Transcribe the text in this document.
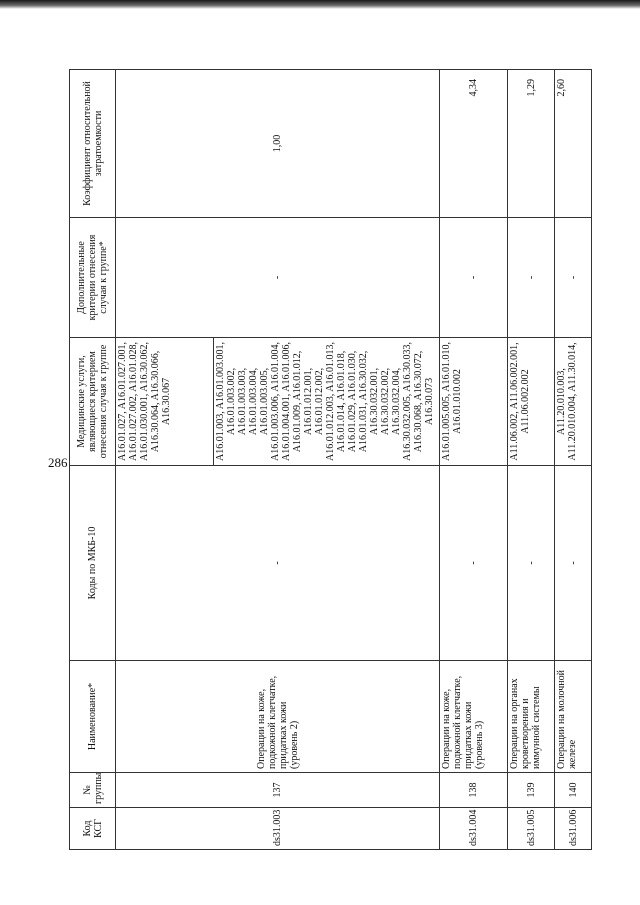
286
Код КСГ	№ группы	Наименование*	Коды по МКБ-10	Медицинские услуги, являющиеся критерием отнесения случая к группе	Дополнительные критерии отнесения случая к группе*	Коэффициент относительной затратоемкости
ds31.003	137	Операции на коже, подкожной клетчатке, придатках кожи (уровень 2)	-	A16.01.027, A16.01.027.001, A16.01.027.002, A16.01.028, A16.01.030.001, A16.30.062, A16.30.064, A16.30.066, A16.30.067	-	1,00
				A16.01.003, A16.01.003.001, A16.01.003.002, A16.01.003.003, A16.01.003.004, A16.01.003.005, A16.01.003.006, A16.01.004, A16.01.004.001, A16.01.006, A16.01.009, A16.01.012, A16.01.012.001, A16.01.012.002, A16.01.012.003, A16.01.013, A16.01.014, A16.01.018, A16.01.029, A16.01.030, A16.01.031, A16.30.032, A16.30.032.001, A16.30.032.002, A16.30.032.004, A16.30.032.005, A16.30.033, A16.30.068, A16.30.072, A16.30.073		
ds31.004	138	Операции на коже, подкожной клетчатке, придатках кожи (уровень 3)	-	A16.01.005.005, A16.01.010, A16.01.010.002	-	4,34
ds31.005	139	Операции на органах кроветворения и иммунной системы	-	A11.06.002, A11.06.002.001, A11.06.002.002	-	1,29
ds31.006	140	Операции на молочной железе	-	A11.20.010.003, A11.20.010.004, A11.30.014,	-	2,60
